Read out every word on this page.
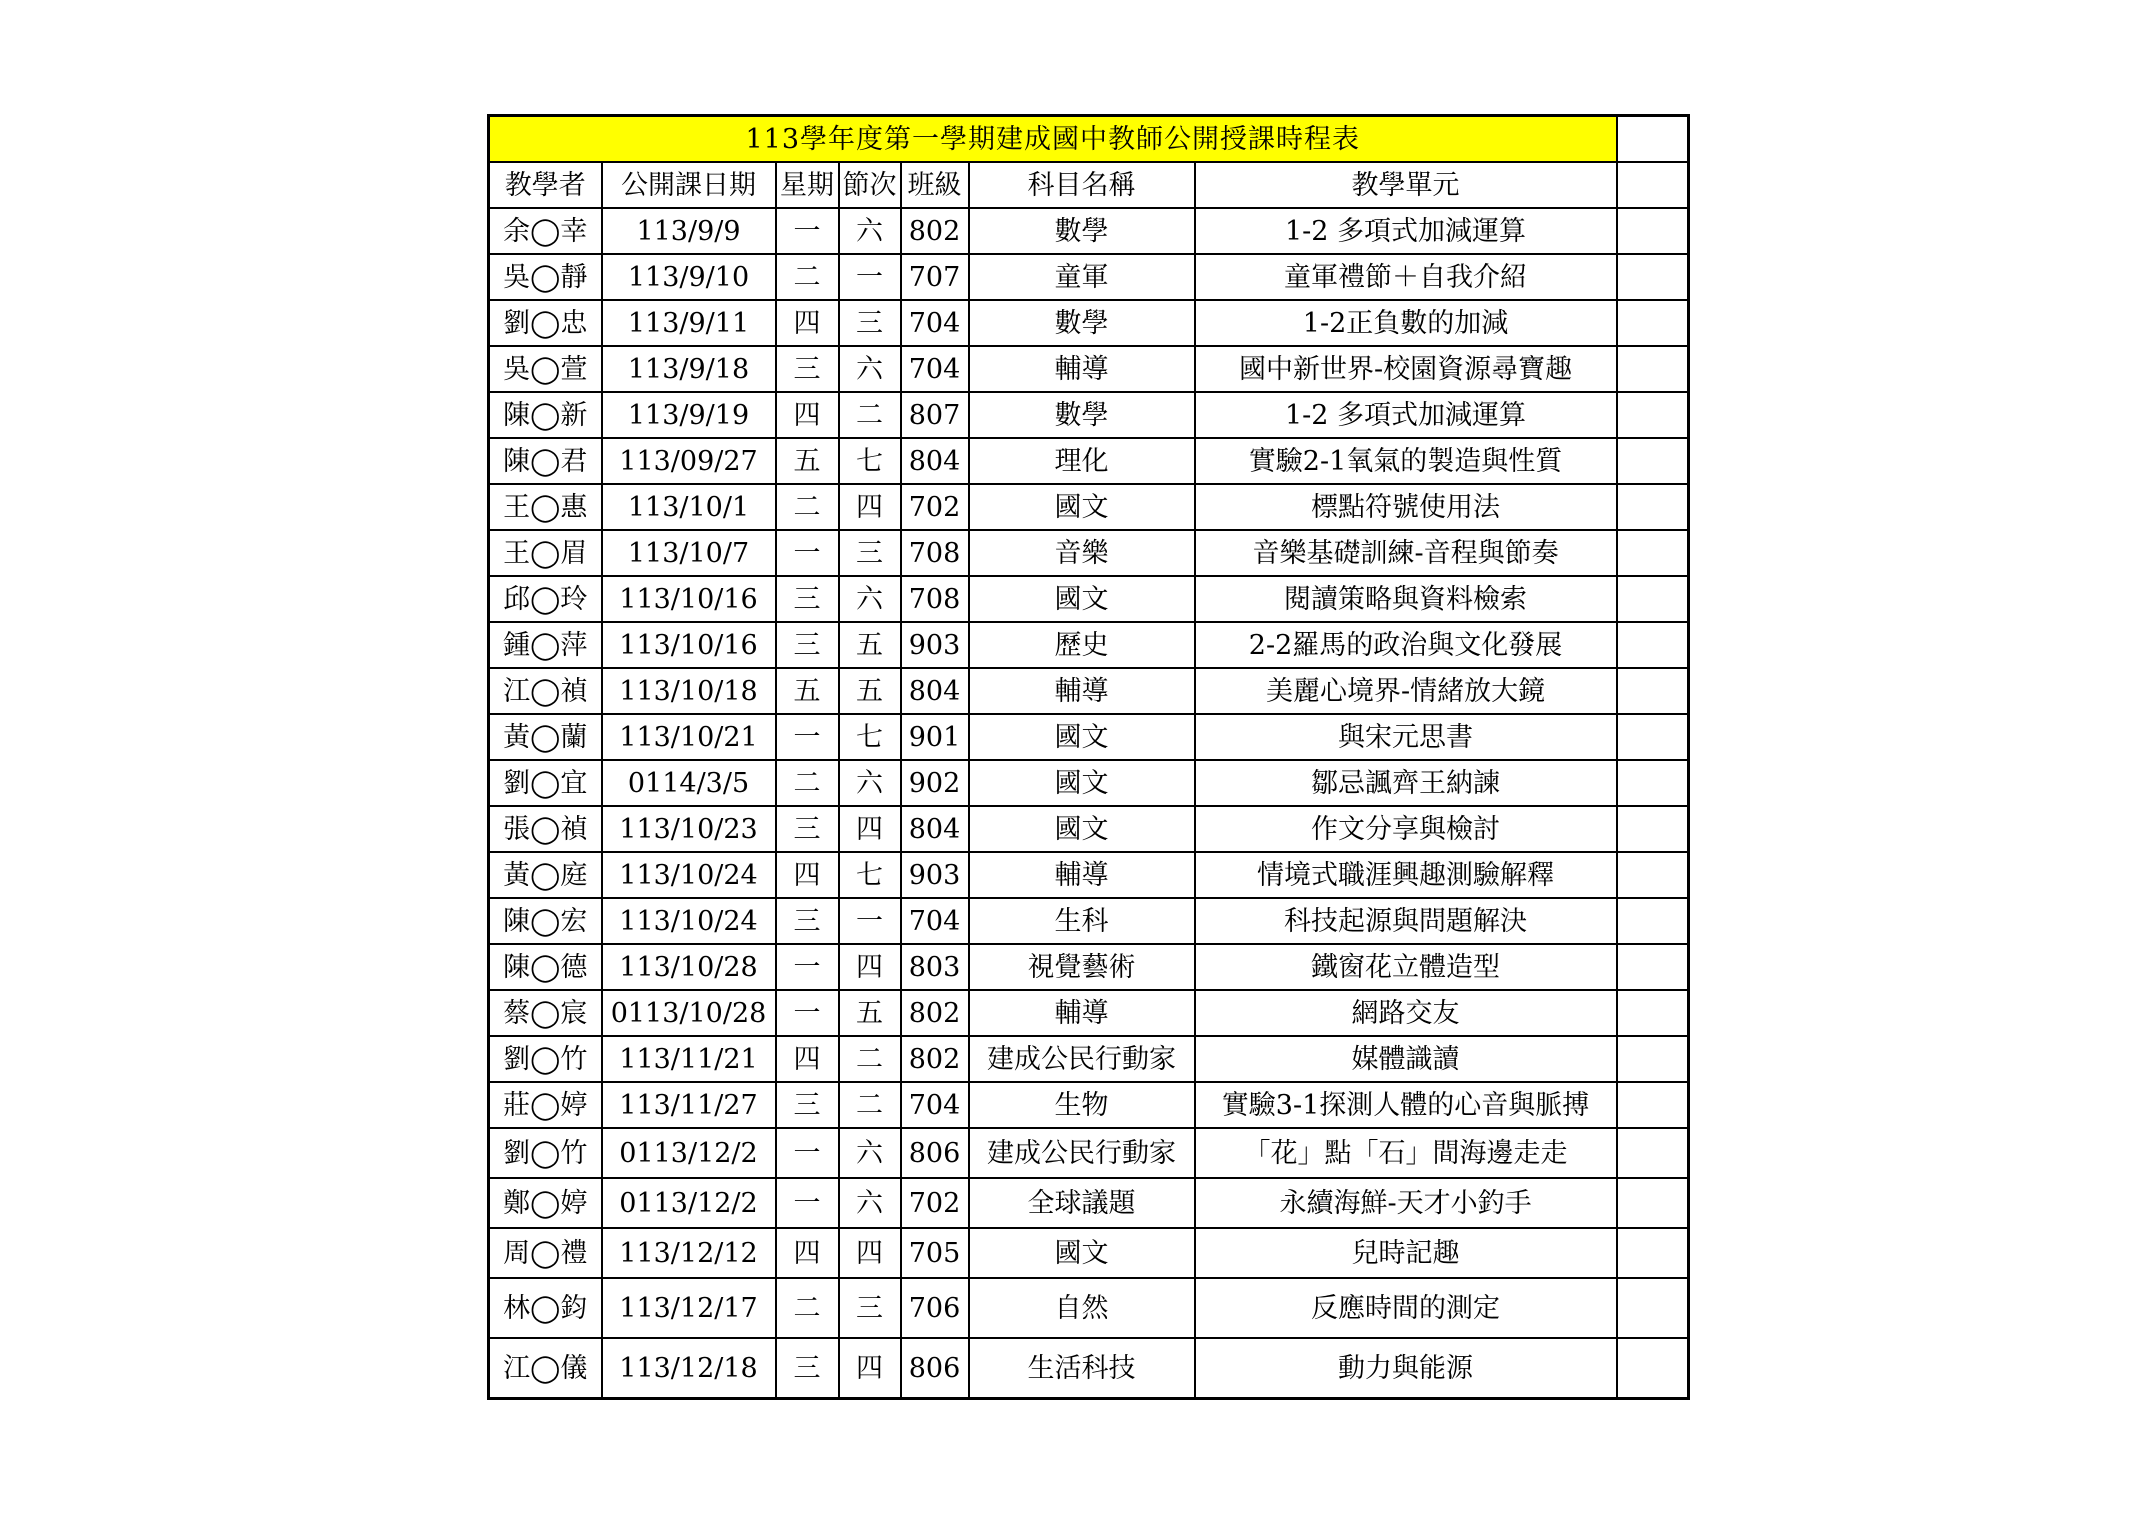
113學年度第一學期建成國中教師公開授課時程表							
教學者	公開課日期	星期	節次	班級	科目名稱	教學單元	
余◯幸	113/9/9	一	六	802	數學	1-2 多項式加減運算	
吳◯靜	113/9/10	二	一	707	童軍	童軍禮節＋自我介紹	
劉◯忠	113/9/11	四	三	704	數學	1-2正負數的加減	
吳◯萱	113/9/18	三	六	704	輔導	國中新世界-校園資源尋寶趣	
陳◯新	113/9/19	四	二	807	數學	1-2 多項式加減運算	
陳◯君	113/09/27	五	七	804	理化	實驗2-1氧氣的製造與性質	
王◯惠	113/10/1	二	四	702	國文	標點符號使用法	
王◯眉	113/10/7	一	三	708	音樂	音樂基礎訓練-音程與節奏	
邱◯玲	113/10/16	三	六	708	國文	閱讀策略與資料檢索	
鍾◯萍	113/10/16	三	五	903	歷史	2-2羅馬的政治與文化發展	
江◯禎	113/10/18	五	五	804	輔導	美麗心境界-情緒放大鏡	
黃◯蘭	113/10/21	一	七	901	國文	與宋元思書	
劉◯宜	0114/3/5	二	六	902	國文	鄒忌諷齊王納諫	
張◯禎	113/10/23	三	四	804	國文	作文分享與檢討	
黃◯庭	113/10/24	四	七	903	輔導	情境式職涯興趣測驗解釋	
陳◯宏	113/10/24	三	一	704	生科	科技起源與問題解決	
陳◯德	113/10/28	一	四	803	視覺藝術	鐵窗花立體造型	
蔡◯宸	0113/10/28	一	五	802	輔導	網路交友	
劉◯竹	113/11/21	四	二	802	建成公民行動家	媒體識讀	
莊◯婷	113/11/27	三	二	704	生物	實驗3-1探測人體的心音與脈搏	
劉◯竹	0113/12/2	一	六	806	建成公民行動家	「花」點「石」間海邊走走	
鄭◯婷	0113/12/2	一	六	702	全球議題	永續海鮮-天才小釣手	
周◯禮	113/12/12	四	四	705	國文	兒時記趣	
林◯鈞	113/12/17	二	三	706	自然	反應時間的測定	
江◯儀	113/12/18	三	四	806	生活科技	動力與能源	
